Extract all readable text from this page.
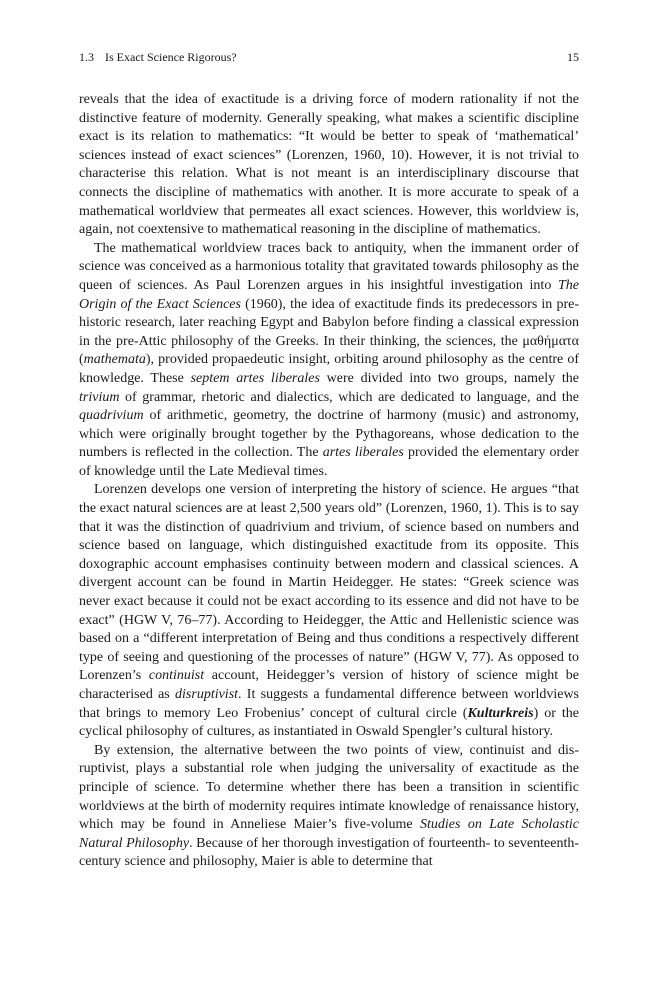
1.3 Is Exact Science Rigorous?	15

reveals that the idea of exactitude is a driving force of modern rationality if not the distinctive feature of modernity. Generally speaking, what makes a scientific discipline exact is its relation to mathematics: “It would be better to speak of ‘mathematical’ sciences instead of exact sciences” (Lorenzen, 1960, 10). However, it is not trivial to characterise this relation. What is not meant is an interdisciplinary discourse that connects the discipline of mathematics with another. It is more accurate to speak of a mathematical worldview that permeates all exact sciences. However, this worldview is, again, not coextensive to mathematical reasoning in the discipline of mathematics.

The mathematical worldview traces back to antiquity, when the immanent order of science was conceived as a harmonious totality that gravitated towards philosophy as the queen of sciences. As Paul Lorenzen argues in his insightful investigation into The Origin of the Exact Sciences (1960), the idea of exactitude finds its predecessors in pre-historic research, later reaching Egypt and Babylon before finding a classical expression in the pre-Attic philosophy of the Greeks. In their thinking, the sciences, the μαθήματα (mathemata), provided propaedeutic insight, orbiting around philosophy as the centre of knowledge. These septem artes liberales were divided into two groups, namely the trivium of grammar, rhetoric and dialectics, which are dedicated to language, and the quadrivium of arithmetic, geometry, the doctrine of harmony (music) and astronomy, which were originally brought together by the Pythagoreans, whose dedication to the numbers is reflected in the collection. The artes liberales provided the elementary order of knowledge until the Late Medieval times.

Lorenzen develops one version of interpreting the history of science. He argues “that the exact natural sciences are at least 2,500 years old” (Lorenzen, 1960, 1). This is to say that it was the distinction of quadrivium and trivium, of science based on numbers and science based on language, which distinguished exactitude from its opposite. This doxographic account emphasises continuity between modern and classical sciences. A divergent account can be found in Martin Heidegger. He states: “Greek science was never exact because it could not be exact according to its essence and did not have to be exact” (HGW V, 76–77). According to Heidegger, the Attic and Hellenistic science was based on a “different interpretation of Being and thus conditions a respectively different type of seeing and questioning of the processes of nature” (HGW V, 77). As opposed to Lorenzen’s continuist account, Heidegger’s version of history of science might be characterised as disruptivist. It suggests a fundamental difference between worldviews that brings to memory Leo Frobenius’ concept of cultural circle (Kulturkreis) or the cyclical philosophy of cultures, as instantiated in Oswald Spengler’s cultural history.

By extension, the alternative between the two points of view, continuist and disruptivist, plays a substantial role when judging the universality of exactitude as the principle of science. To determine whether there has been a transition in scientific worldviews at the birth of modernity requires intimate knowledge of renaissance history, which may be found in Anneliese Maier’s five-volume Studies on Late Scholastic Natural Philosophy. Because of her thorough investigation of fourteenth- to seventeenth-century science and philosophy, Maier is able to determine that
